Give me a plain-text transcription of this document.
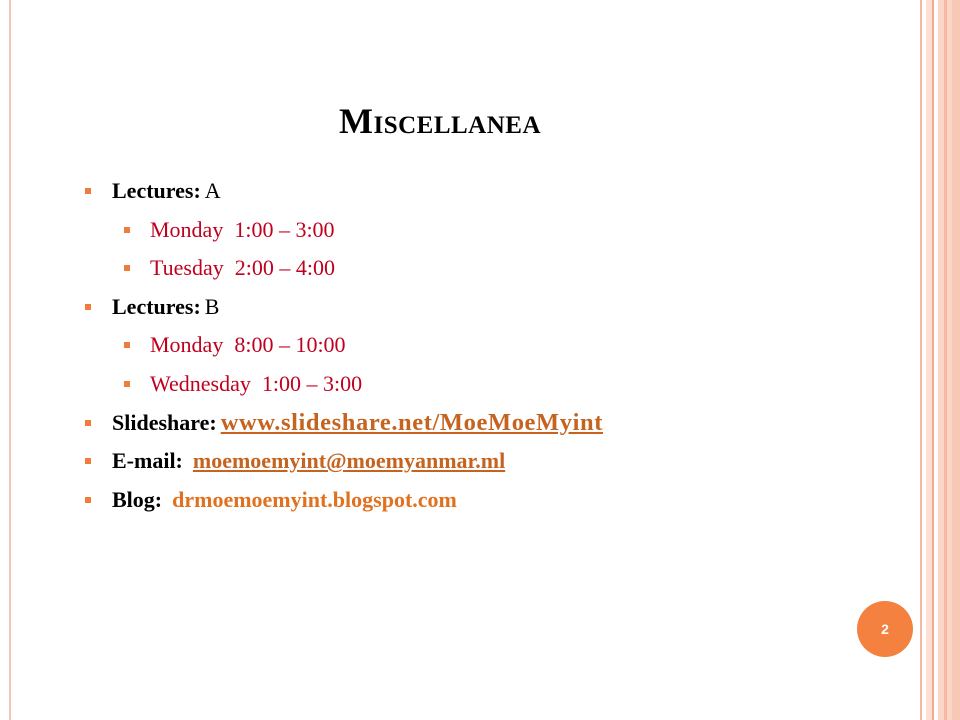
Miscellanea
Lectures: A
Monday  1:00 – 3:00
Tuesday  2:00 – 4:00
Lectures: B
Monday  8:00 – 10:00
Wednesday  1:00 – 3:00
Slideshare: www.slideshare.net/MoeMoeMyint
E-mail: moemoemyint@moemyanmar.ml
Blog: drmoemoemyint.blogspot.com
2
